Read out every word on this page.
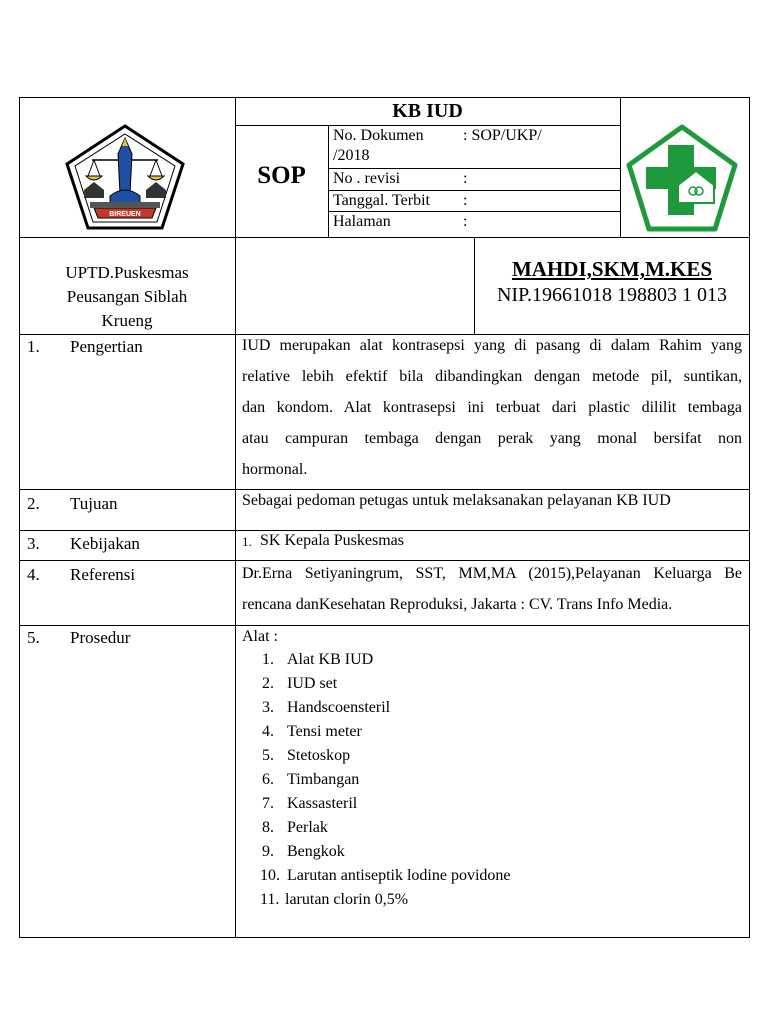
BIREUEN
KB IUD
SOP
No. Dokumen : SOP/UKP/
/2018
No . revisi	:
Tanggal. Terbit :
Halaman	:
UPTD.Puskesmas
Peusangan Siblah
Krueng
MAHDI,SKM,M.KES
NIP.19661018 198803 1 013
1. Pengertian	IUD merupakan alat kontrasepsi yang di pasang di dalam Rahim yang
relative lebih efektif bila dibandingkan dengan metode pil, suntikan,
dan kondom. Alat kontrasepsi ini terbuat dari plastic dililit tembaga
atau campuran tembaga dengan perak yang monal bersifat non
hormonal.
2. Tujuan	Sebagai pedoman petugas untuk melaksanakan pelayanan KB IUD
3. Kebijakan	1. SK Kepala Puskesmas
4. Referensi	Dr.Erna Setiyaningrum, SST, MM,MA (2015),Pelayanan Keluarga Be
rencana danKesehatan Reproduksi, Jakarta : CV. Trans Info Media.
5. Prosedur	Alat :
1. Alat KB IUD
2. IUD set
3. Handscoensteril
4. Tensi meter
5. Stetoskop
6. Timbangan
7. Kassasteril
8. Perlak
9. Bengkok
10. Larutan antiseptik lodine povidone
11. larutan clorin 0,5%
